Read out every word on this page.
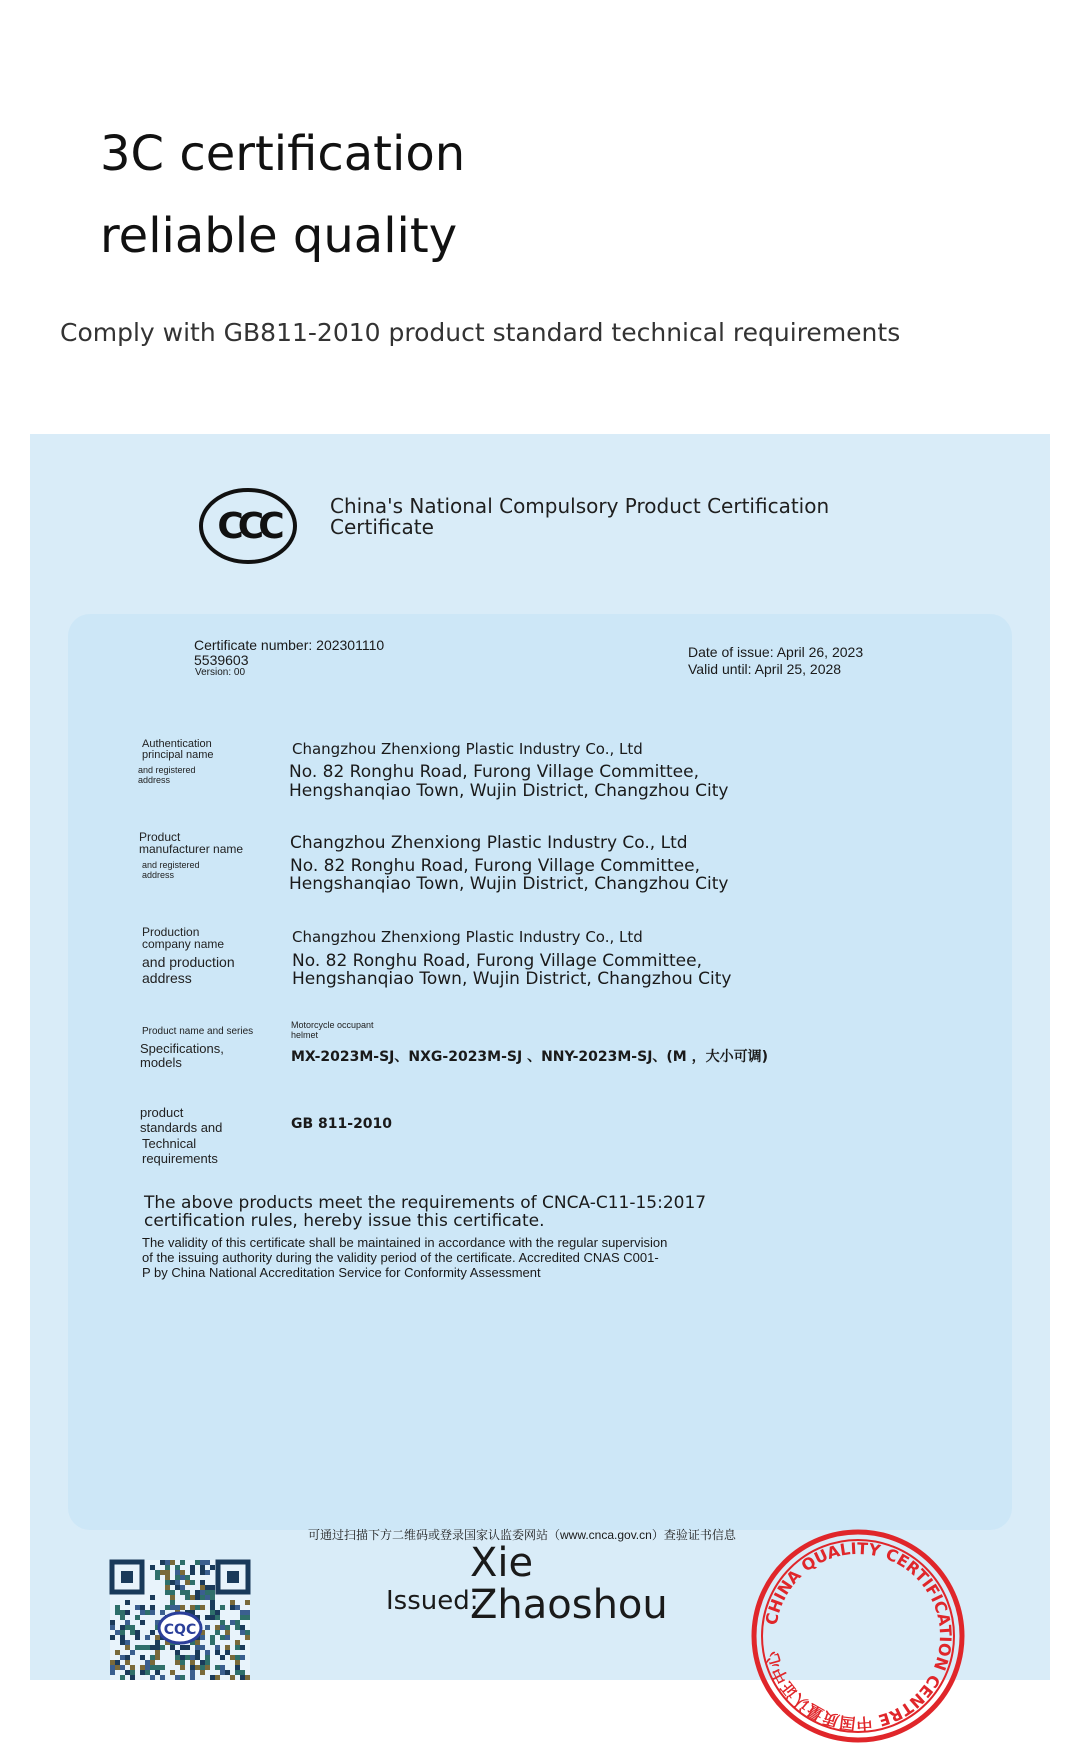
3C certification
reliable quality
Comply with GB811-2010 product standard technical requirements
CCC	China's National Compulsory Product Certification Certificate
Certificate number: 202301110
5539603
Version: 00
Date of issue: April 26, 2023
Valid until: April 25, 2028
Authentication
principal name
and registered
address
Changzhou Zhenxiong Plastic Industry Co., Ltd
No. 82 Ronghu Road, Furong Village Committee,
Hengshanqiao Town, Wujin District, Changzhou City
Product
manufacturer name
and registered
address
Changzhou Zhenxiong Plastic Industry Co., Ltd
No. 82 Ronghu Road, Furong Village Committee,
Hengshanqiao Town, Wujin District, Changzhou City
Production
company name
and production
address
Changzhou Zhenxiong Plastic Industry Co., Ltd
No. 82 Ronghu Road, Furong Village Committee,
Hengshanqiao Town, Wujin District, Changzhou City
Product name and series
Specifications,
models
Motorcycle occupant
helmet
MX-2023M-SJ、NXG-2023M-SJ 、NNY-2023M-SJ、(M ，大小可调)
product
standards and
Technical
requirements
GB 811-2010
The above products meet the requirements of CNCA-C11-15:2017
certification rules, hereby issue this certificate.
The validity of this certificate shall be maintained in accordance with the regular supervision
of the issuing authority during the validity period of the certificate. Accredited CNAS C001-
P by China National Accreditation Service for Conformity Assessment
可通过扫描下方二维码或登录国家认监委网站（www.cnca.gov.cn）查验证书信息
CQC
Issued:
Xie
Zhaoshou	CHINA QUALITY CERTIFICATION CENTRE 中国质量认证中心
